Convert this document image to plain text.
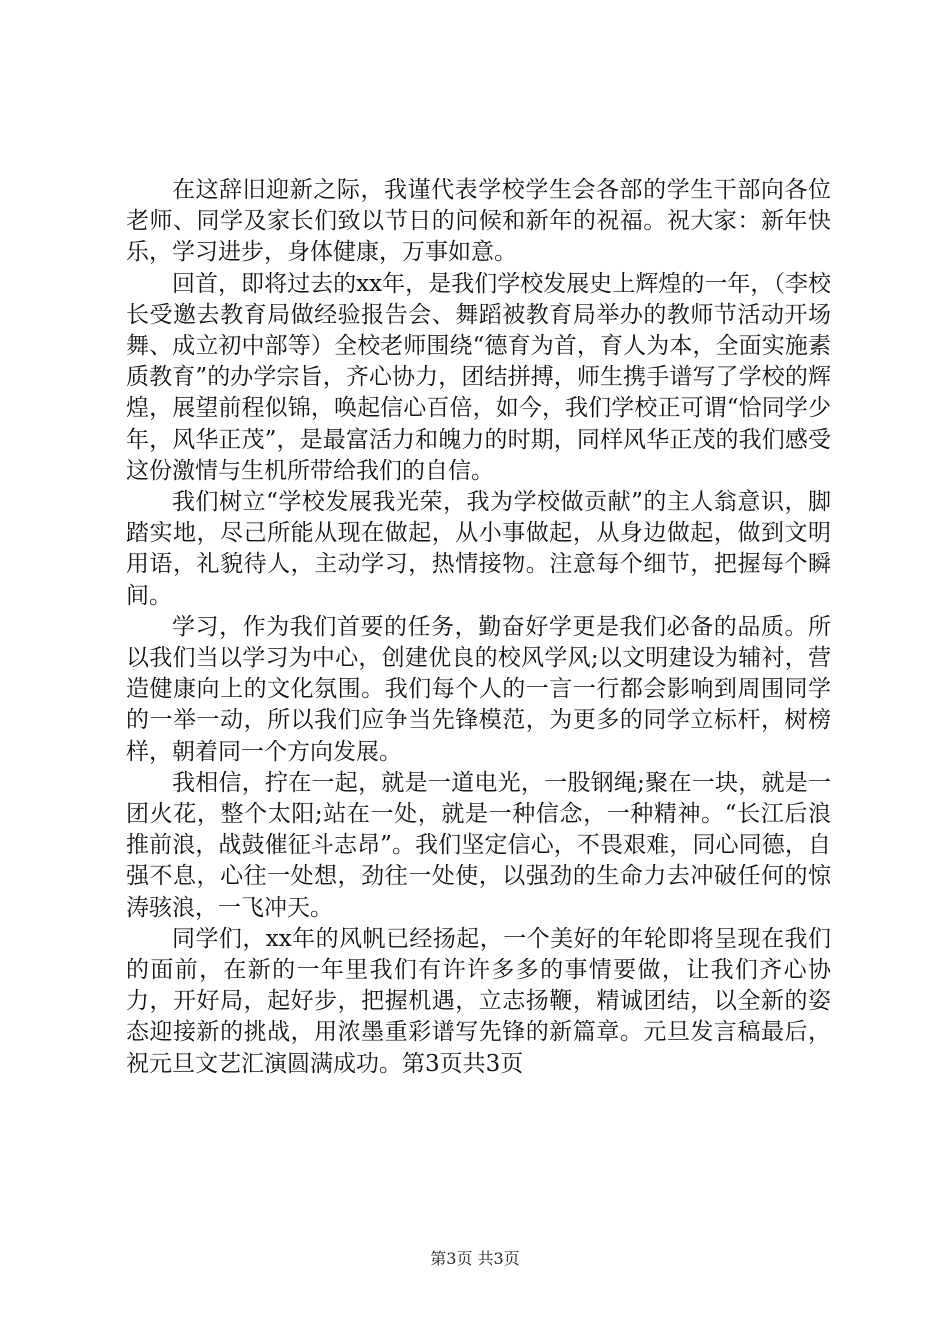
在这辞旧迎新之际，我谨代表学校学生会各部的学生干部向各位老师、同学及家长们致以节日的问候和新年的祝福。祝大家：新年快乐，学习进步，身体健康，万事如意。

回首，即将过去的xx年，是我们学校发展史上辉煌的一年，（李校长受邀去教育局做经验报告会、舞蹈被教育局举办的教师节活动开场舞、成立初中部等）全校老师围绕“德育为首，育人为本，全面实施素质教育”的办学宗旨，齐心协力，团结拼搏，师生携手谱写了学校的辉煌，展望前程似锦，唤起信心百倍，如今，我们学校正可谓“恰同学少年，风华正茂”，是最富活力和魄力的时期，同样风华正茂的我们感受这份激情与生机所带给我们的自信。

我们树立“学校发展我光荣，我为学校做贡献”的主人翁意识，脚踏实地，尽己所能从现在做起，从小事做起，从身边做起，做到文明用语，礼貌待人，主动学习，热情接物。注意每个细节，把握每个瞬间。

学习，作为我们首要的任务，勤奋好学更是我们必备的品质。所以我们当以学习为中心，创建优良的校风学风;以文明建设为辅衬，营造健康向上的文化氛围。我们每个人的一言一行都会影响到周围同学的一举一动，所以我们应争当先锋模范，为更多的同学立标杆，树榜样，朝着同一个方向发展。

我相信，拧在一起，就是一道电光，一股钢绳;聚在一块，就是一团火花，整个太阳;站在一处，就是一种信念，一种精神。“长江后浪推前浪，战鼓催征斗志昂”。我们坚定信心，不畏艰难，同心同德，自强不息，心往一处想，劲往一处使，以强劲的生命力去冲破任何的惊涛骇浪，一飞冲天。

同学们，xx年的风帆已经扬起，一个美好的年轮即将呈现在我们的面前，在新的一年里我们有许许多多的事情要做，让我们齐心协力，开好局，起好步，把握机遇，立志扬鞭，精诚团结，以全新的姿态迎接新的挑战，用浓墨重彩谱写先锋的新篇章。元旦发言稿最后，祝元旦文艺汇演圆满成功。第3页共3页

第3页 共3页
